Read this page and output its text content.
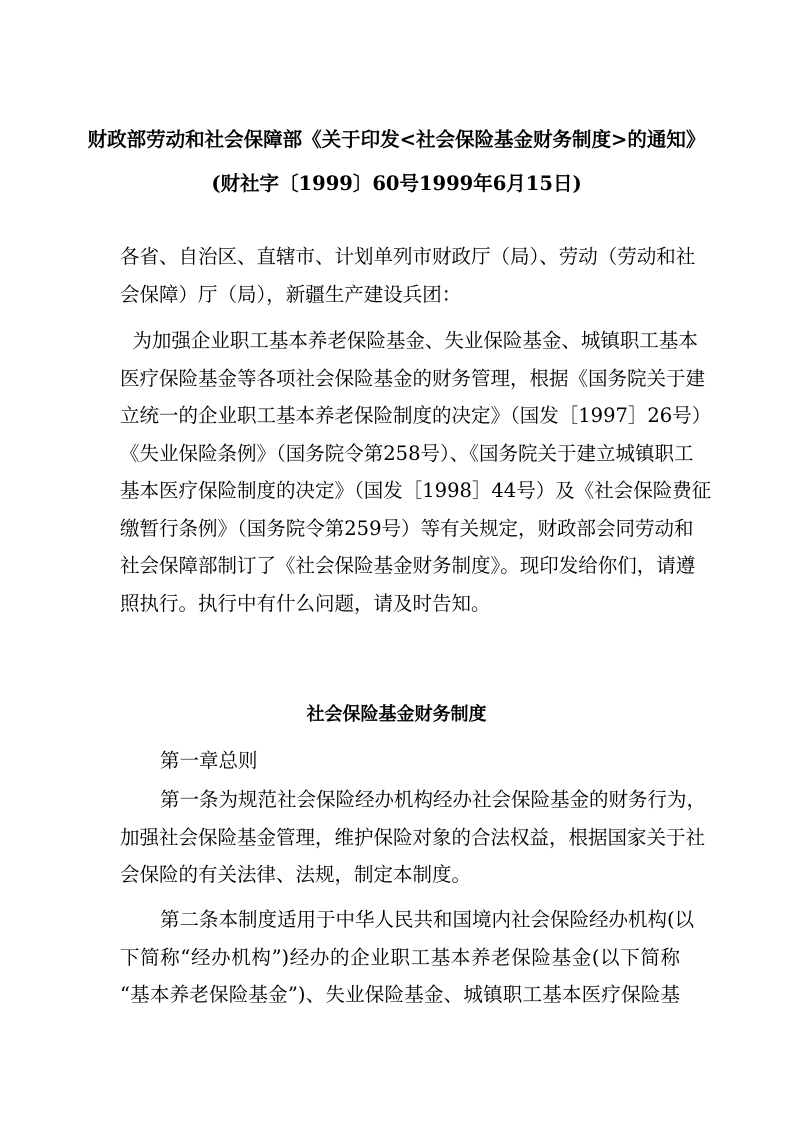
财政部劳动和社会保障部《关于印发<社会保险基金财务制度>的通知》
(财社字〔1999〕60号1999年6月15日)
各省、自治区、直辖市、计划单列市财政厅（局）、劳动（劳动和社
会保障）厅（局），新疆生产建设兵团：
为加强企业职工基本养老保险基金、失业保险基金、城镇职工基本
医疗保险基金等各项社会保险基金的财务管理，根据《国务院关于建
立统一的企业职工基本养老保险制度的决定》（国发［1997］26号）
《失业保险条例》（国务院令第258号）、《国务院关于建立城镇职工
基本医疗保险制度的决定》（国发［1998］44号）及《社会保险费征
缴暂行条例》（国务院令第259号）等有关规定，财政部会同劳动和
社会保障部制订了《社会保险基金财务制度》。现印发给你们，请遵
照执行。执行中有什么问题，请及时告知。
社会保险基金财务制度
第一章总则
第一条为规范社会保险经办机构经办社会保险基金的财务行为，
加强社会保险基金管理，维护保险对象的合法权益，根据国家关于社
会保险的有关法律、法规，制定本制度。
第二条本制度适用于中华人民共和国境内社会保险经办机构(以
下简称“经办机构”)经办的企业职工基本养老保险基金(以下简称
“基本养老保险基金”)、失业保险基金、城镇职工基本医疗保险基
